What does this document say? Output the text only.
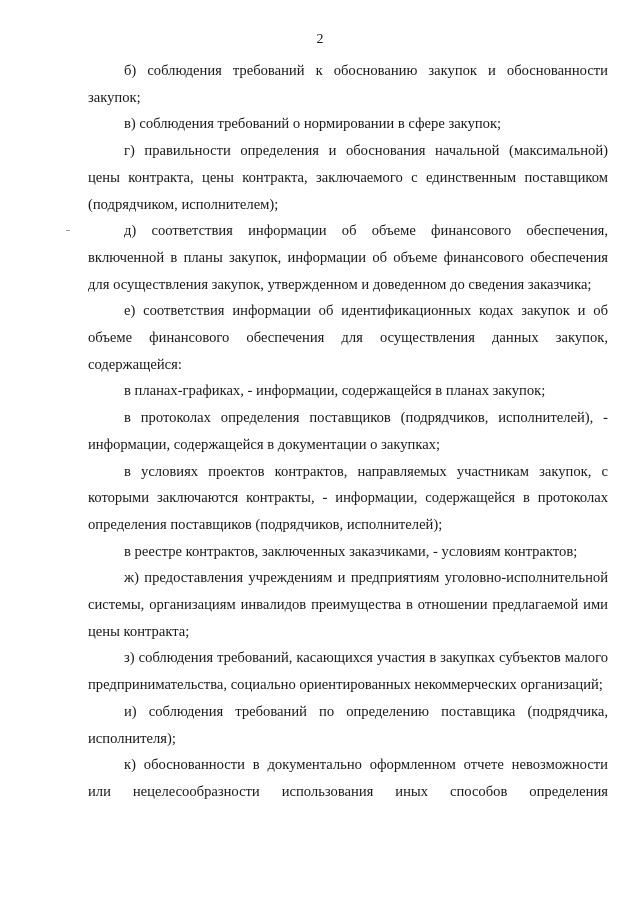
2

б) соблюдения требований к обоснованию закупок и обоснованности закупок;

в) соблюдения требований о нормировании в сфере закупок;

г) правильности определения и обоснования начальной (максимальной) цены контракта, цены контракта, заключаемого с единственным поставщиком (подрядчиком, исполнителем);

д) соответствия информации об объеме финансового обеспечения, включенной в планы закупок, информации об объеме финансового обеспечения для осуществления закупок, утвержденном и доведенном до сведения заказчика;

е) соответствия информации об идентификационных кодах закупок и об объеме финансового обеспечения для осуществления данных закупок, содержащейся:

в планах-графиках, - информации, содержащейся в планах закупок;

в протоколах определения поставщиков (подрядчиков, исполнителей), - информации, содержащейся в документации о закупках;

в условиях проектов контрактов, направляемых участникам закупок, с которыми заключаются контракты, - информации, содержащейся в протоколах определения поставщиков (подрядчиков, исполнителей);

в реестре контрактов, заключенных заказчиками, - условиям контрактов;

ж) предоставления учреждениям и предприятиям уголовно-исполнительной системы, организациям инвалидов преимущества в отношении предлагаемой ими цены контракта;

з) соблюдения требований, касающихся участия в закупках субъектов малого предпринимательства, социально ориентированных некоммерческих организаций;

и) соблюдения требований по определению поставщика (подрядчика, исполнителя);

к) обоснованности в документально оформленном отчете невозможности или нецелесообразности использования иных способов определения
